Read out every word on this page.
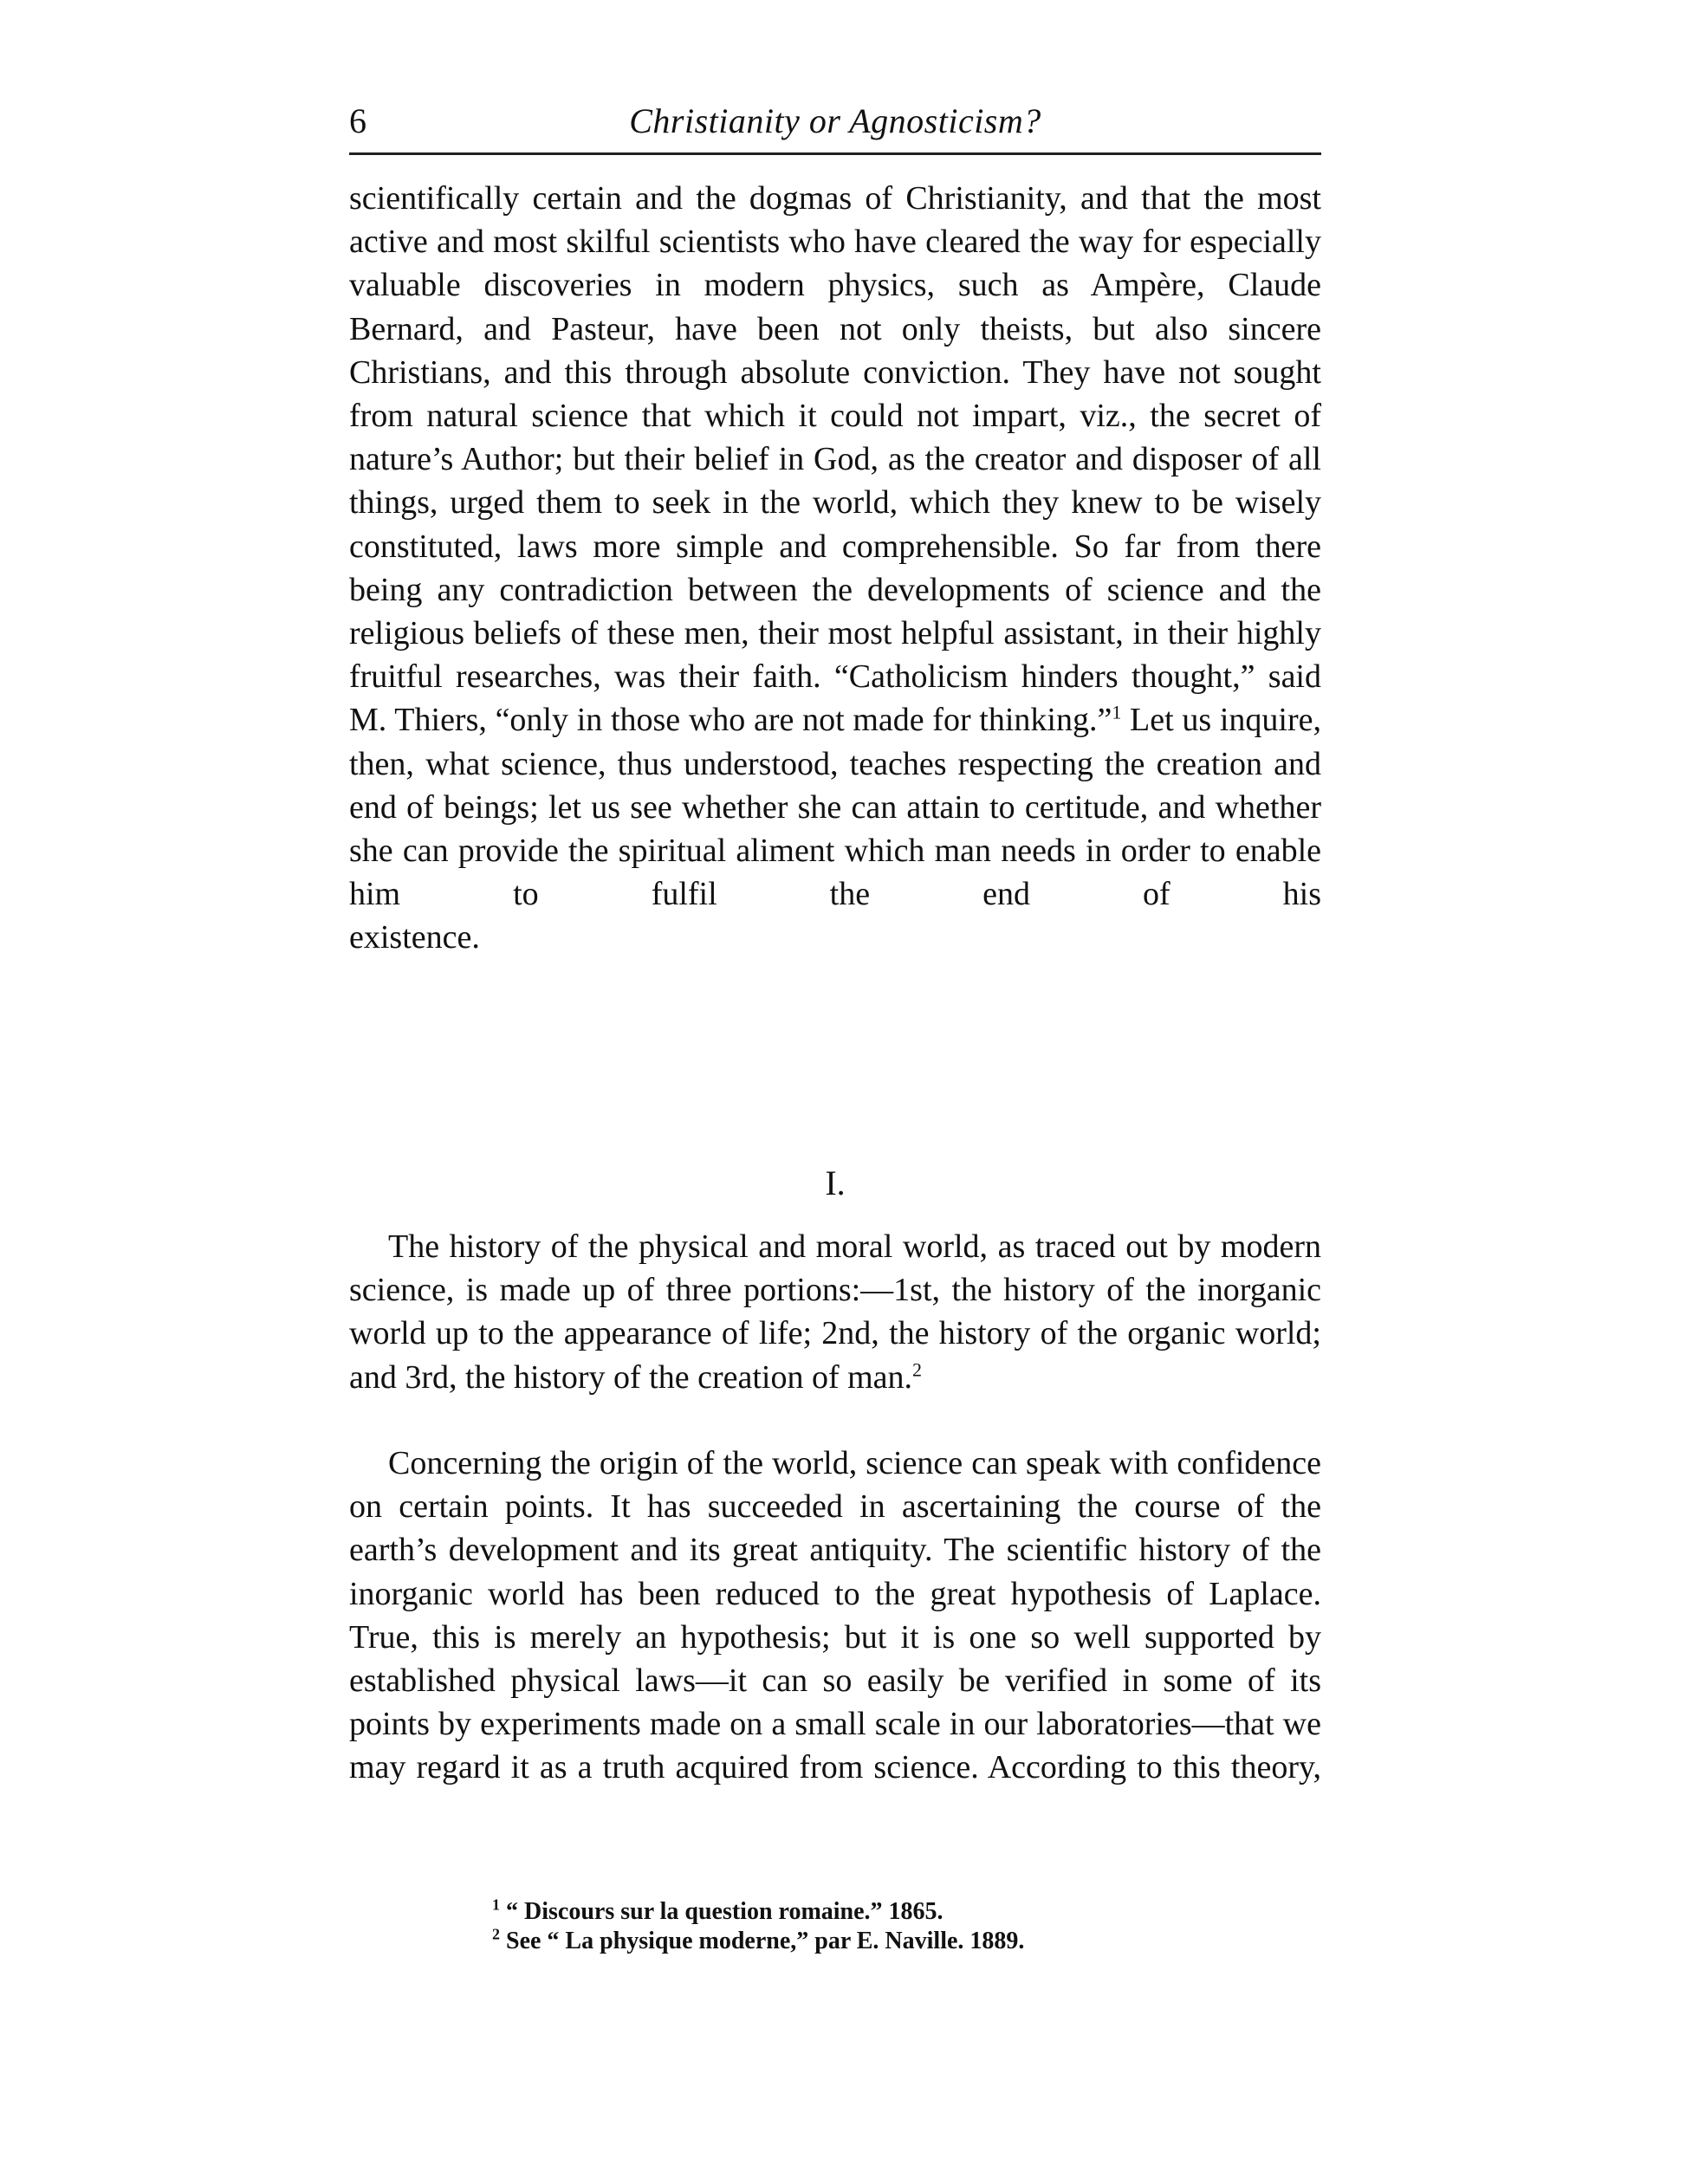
6	Christianity or Agnosticism?

scientifically certain and the dogmas of Christianity, and that the most active and most skilful scientists who have cleared the way for especially valuable discoveries in modern physics, such as Ampère, Claude Bernard, and Pasteur, have been not only theists, but also sincere Christians, and this through absolute conviction. They have not sought from natural science that which it could not impart, viz., the secret of nature’s Author; but their belief in God, as the creator and disposer of all things, urged them to seek in the world, which they knew to be wisely constituted, laws more simple and comprehensible. So far from there being any contradiction between the developments of science and the religious beliefs of these men, their most helpful assistant, in their highly fruitful researches, was their faith. “Catholicism hinders thought,” said M. Thiers, “only in those who are not made for thinking.”$^1$ Let us inquire, then, what science, thus understood, teaches respecting the creation and end of beings; let us see whether she can attain to certitude, and whether she can provide the spiritual aliment which man needs in order to enable him to fulfil the end of his

existence.
I.
The history of the physical and moral world, as traced out by modern science, is made up of three portions:—1st, the history of the inorganic world up to the appearance of life; 2nd, the history of the organic world; and 3rd, the history of the creation of man.$^2$
Concerning the origin of the world, science can speak with confidence on certain points. It has succeeded in ascertaining the course of the earth’s development and its great antiquity. The scientific history of the inorganic world has been reduced to the great hypothesis of Laplace. True, this is merely an hypothesis; but it is one so well supported by established physical laws—it can so easily be verified in some of its points by experiments made on a small scale in our laboratories—that we may regard it as a truth acquired from science. According to this theory,
$^1$ “ Discours sur la question romaine.” 1865.
$^2$ See “ La physique moderne,” par E. Naville. 1889.
